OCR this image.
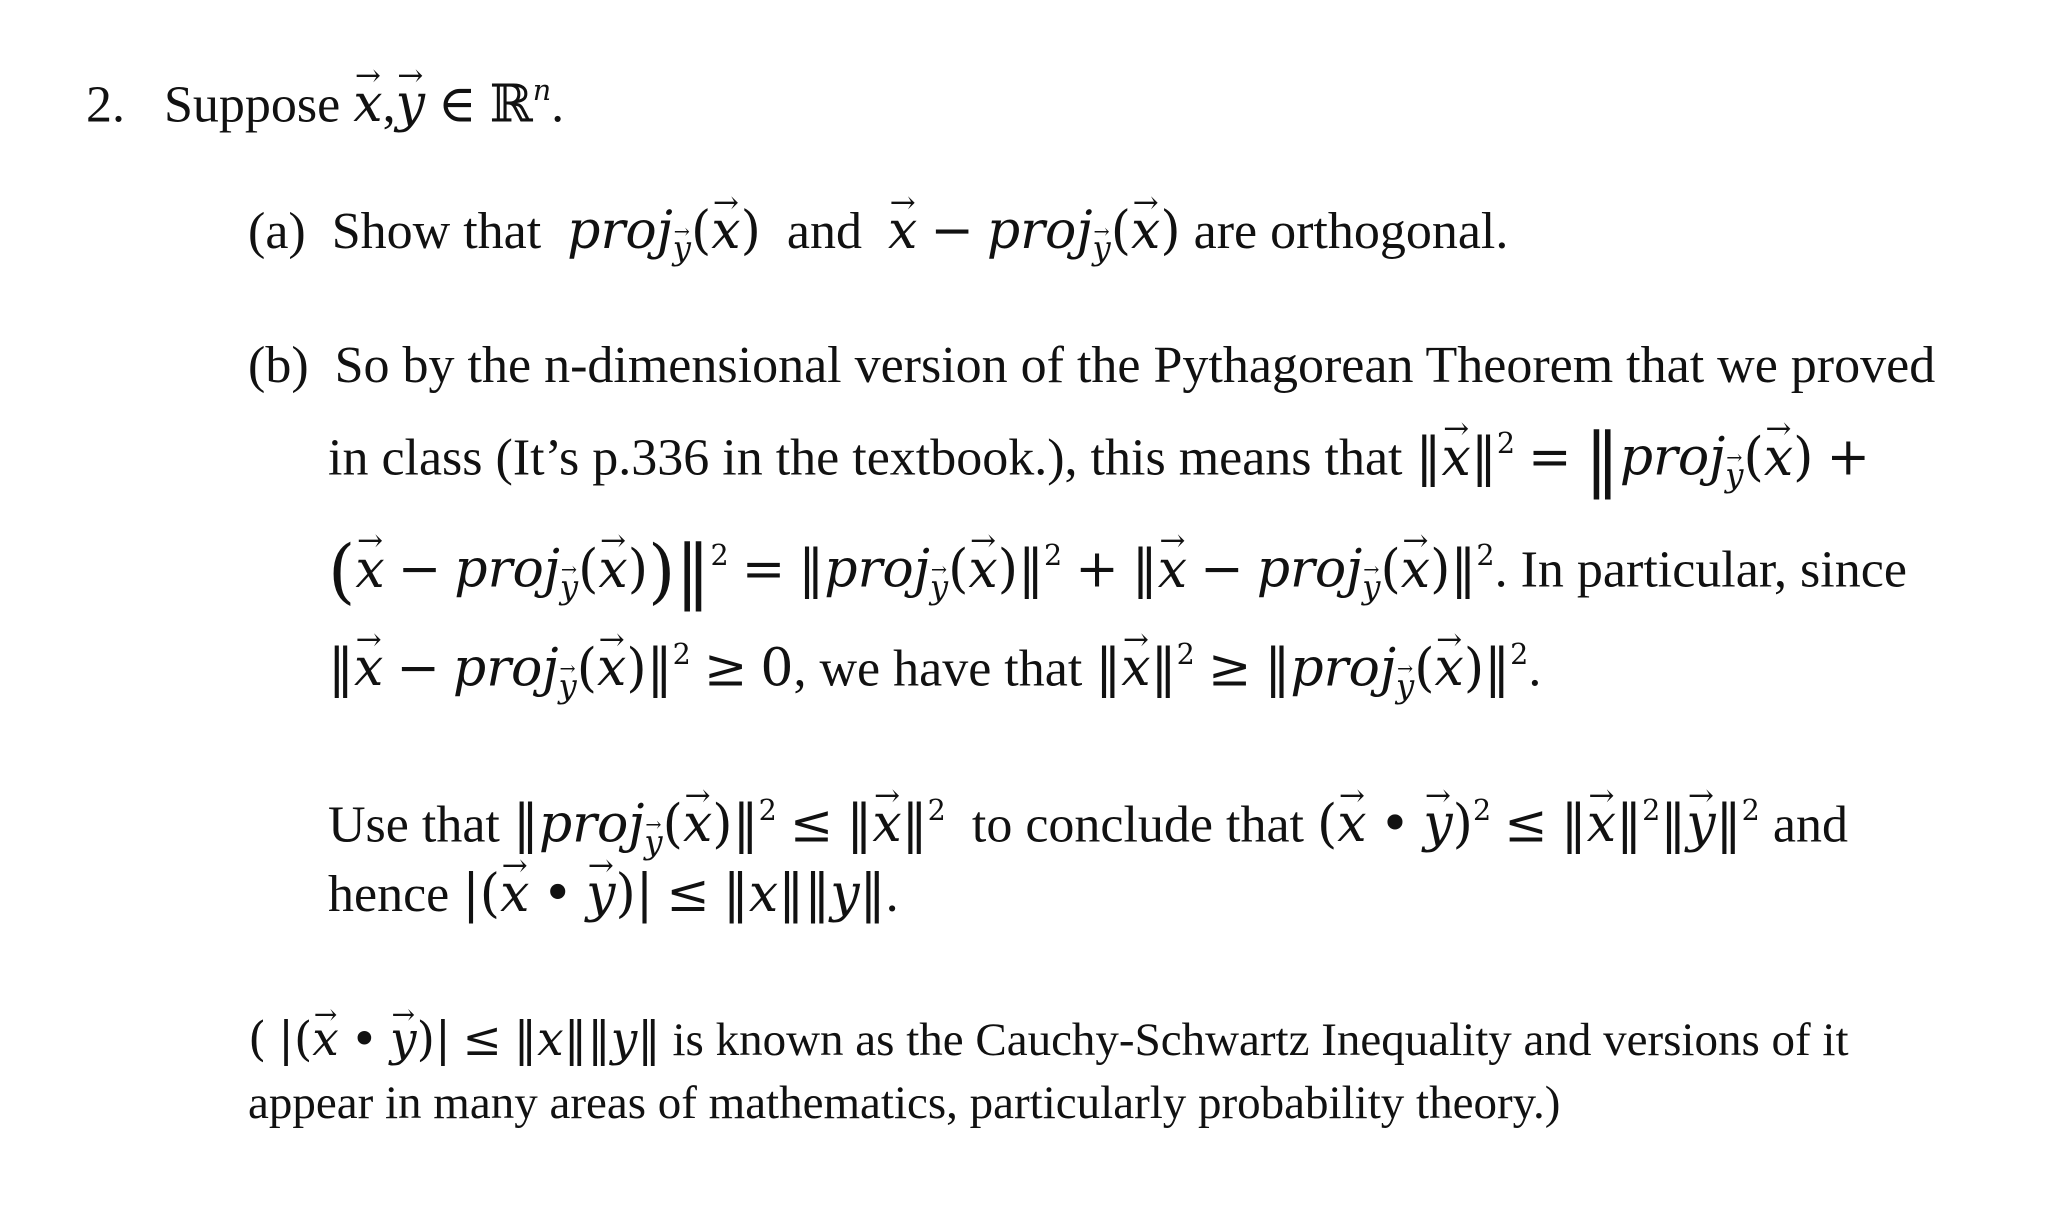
2. Suppose → x,→ y ∈ ℝ$^n$.
(a) Show that proj→ y(→ x) and → x − proj→ y(→ x) are orthogonal.
(b) So by the n-dimensional version of the Pythagorean Theorem that we proved
in class (It’s p.336 in the textbook.), this means that ‖→ x‖$^2$ = ‖proj→ y(→ x) +
(→ x − proj→ y(→ x))‖$^2$ = ‖proj→ y(→ x)‖$^2$ + ‖→ x − proj→ y(→ x)‖$^2$. In particular, since
‖→ x − proj→ y(→ x)‖$^2$ ≥ 0, we have that ‖→ x‖$^2$ ≥ ‖proj→ y(→ x)‖$^2$.
Use that ‖proj→ y(→ x)‖$^2$ ≤ ‖→ x‖$^2$ to conclude that (→ x • → y)$^2$ ≤ ‖→ x‖$^2$‖→ y‖$^2$ and
hence |(→ x • → y)| ≤ ‖x‖‖y‖.
( |(→ x • → y)| ≤ ‖x‖‖y‖ is known as the Cauchy-Schwartz Inequality and versions of it
appear in many areas of mathematics, particularly probability theory.)
